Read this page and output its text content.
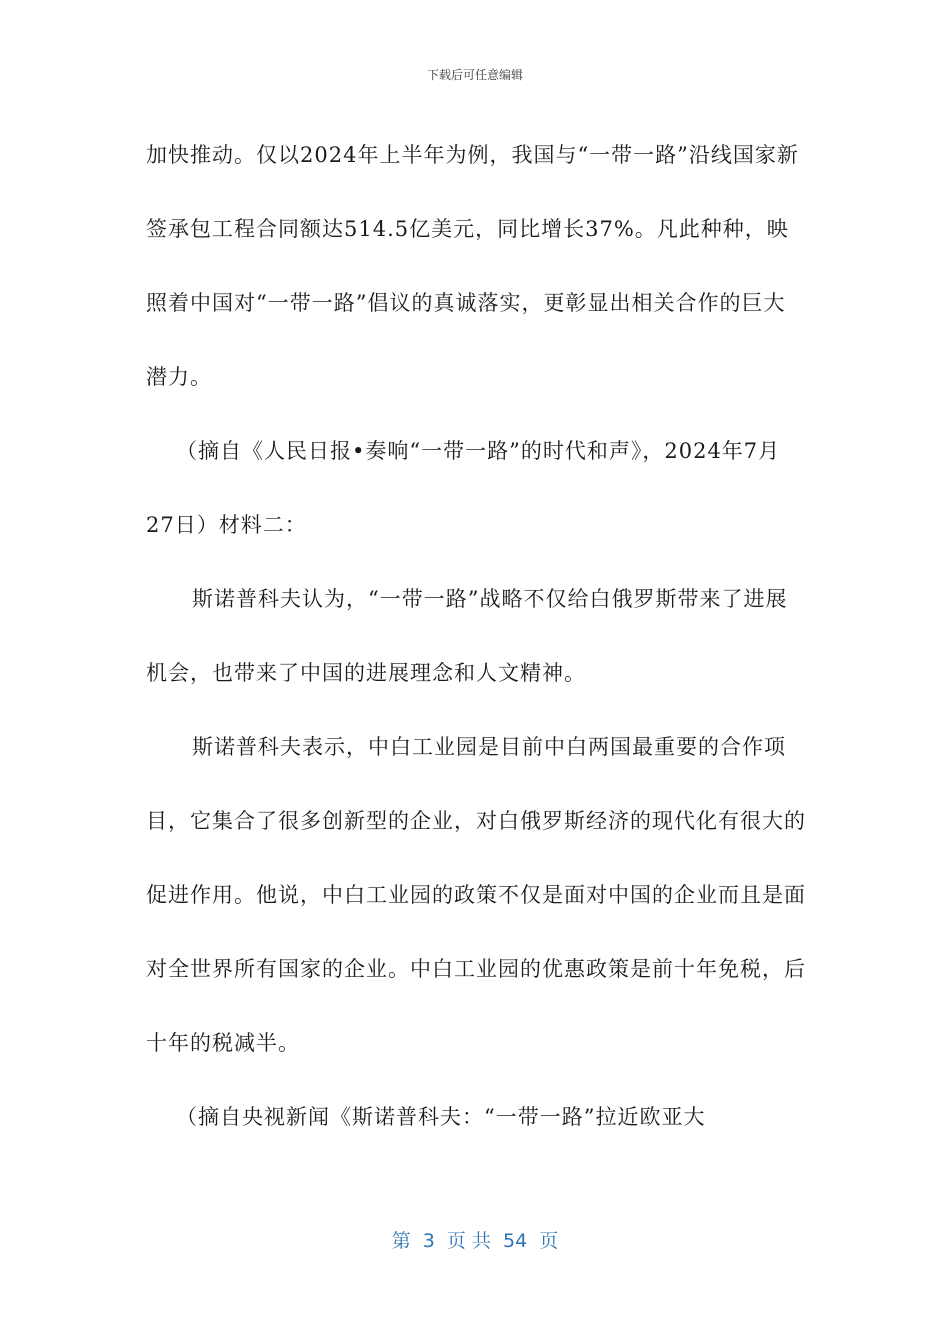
下载后可任意编辑

加快推动。仅以2024年上半年为例，我国与“一带一路”沿线国家新签承包工程合同额达514.5亿美元，同比增长37%。凡此种种，映照着中国对“一带一路”倡议的真诚落实，更彰显出相关合作的巨大潜力。

（摘自《人民日报•奏响“一带一路”的时代和声》，2024年7月27日）材料二：

斯诺普科夫认为，“一带一路”战略不仅给白俄罗斯带来了进展机会，也带来了中国的进展理念和人文精神。

斯诺普科夫表示，中白工业园是目前中白两国最重要的合作项目，它集合了很多创新型的企业，对白俄罗斯经济的现代化有很大的促进作用。他说，中白工业园的政策不仅是面对中国的企业而且是面对全世界所有国家的企业。中白工业园的优惠政策是前十年免税，后十年的税减半。

（摘自央视新闻《斯诺普科夫：“一带一路”拉近欧亚大

第  3  页 共  54  页
